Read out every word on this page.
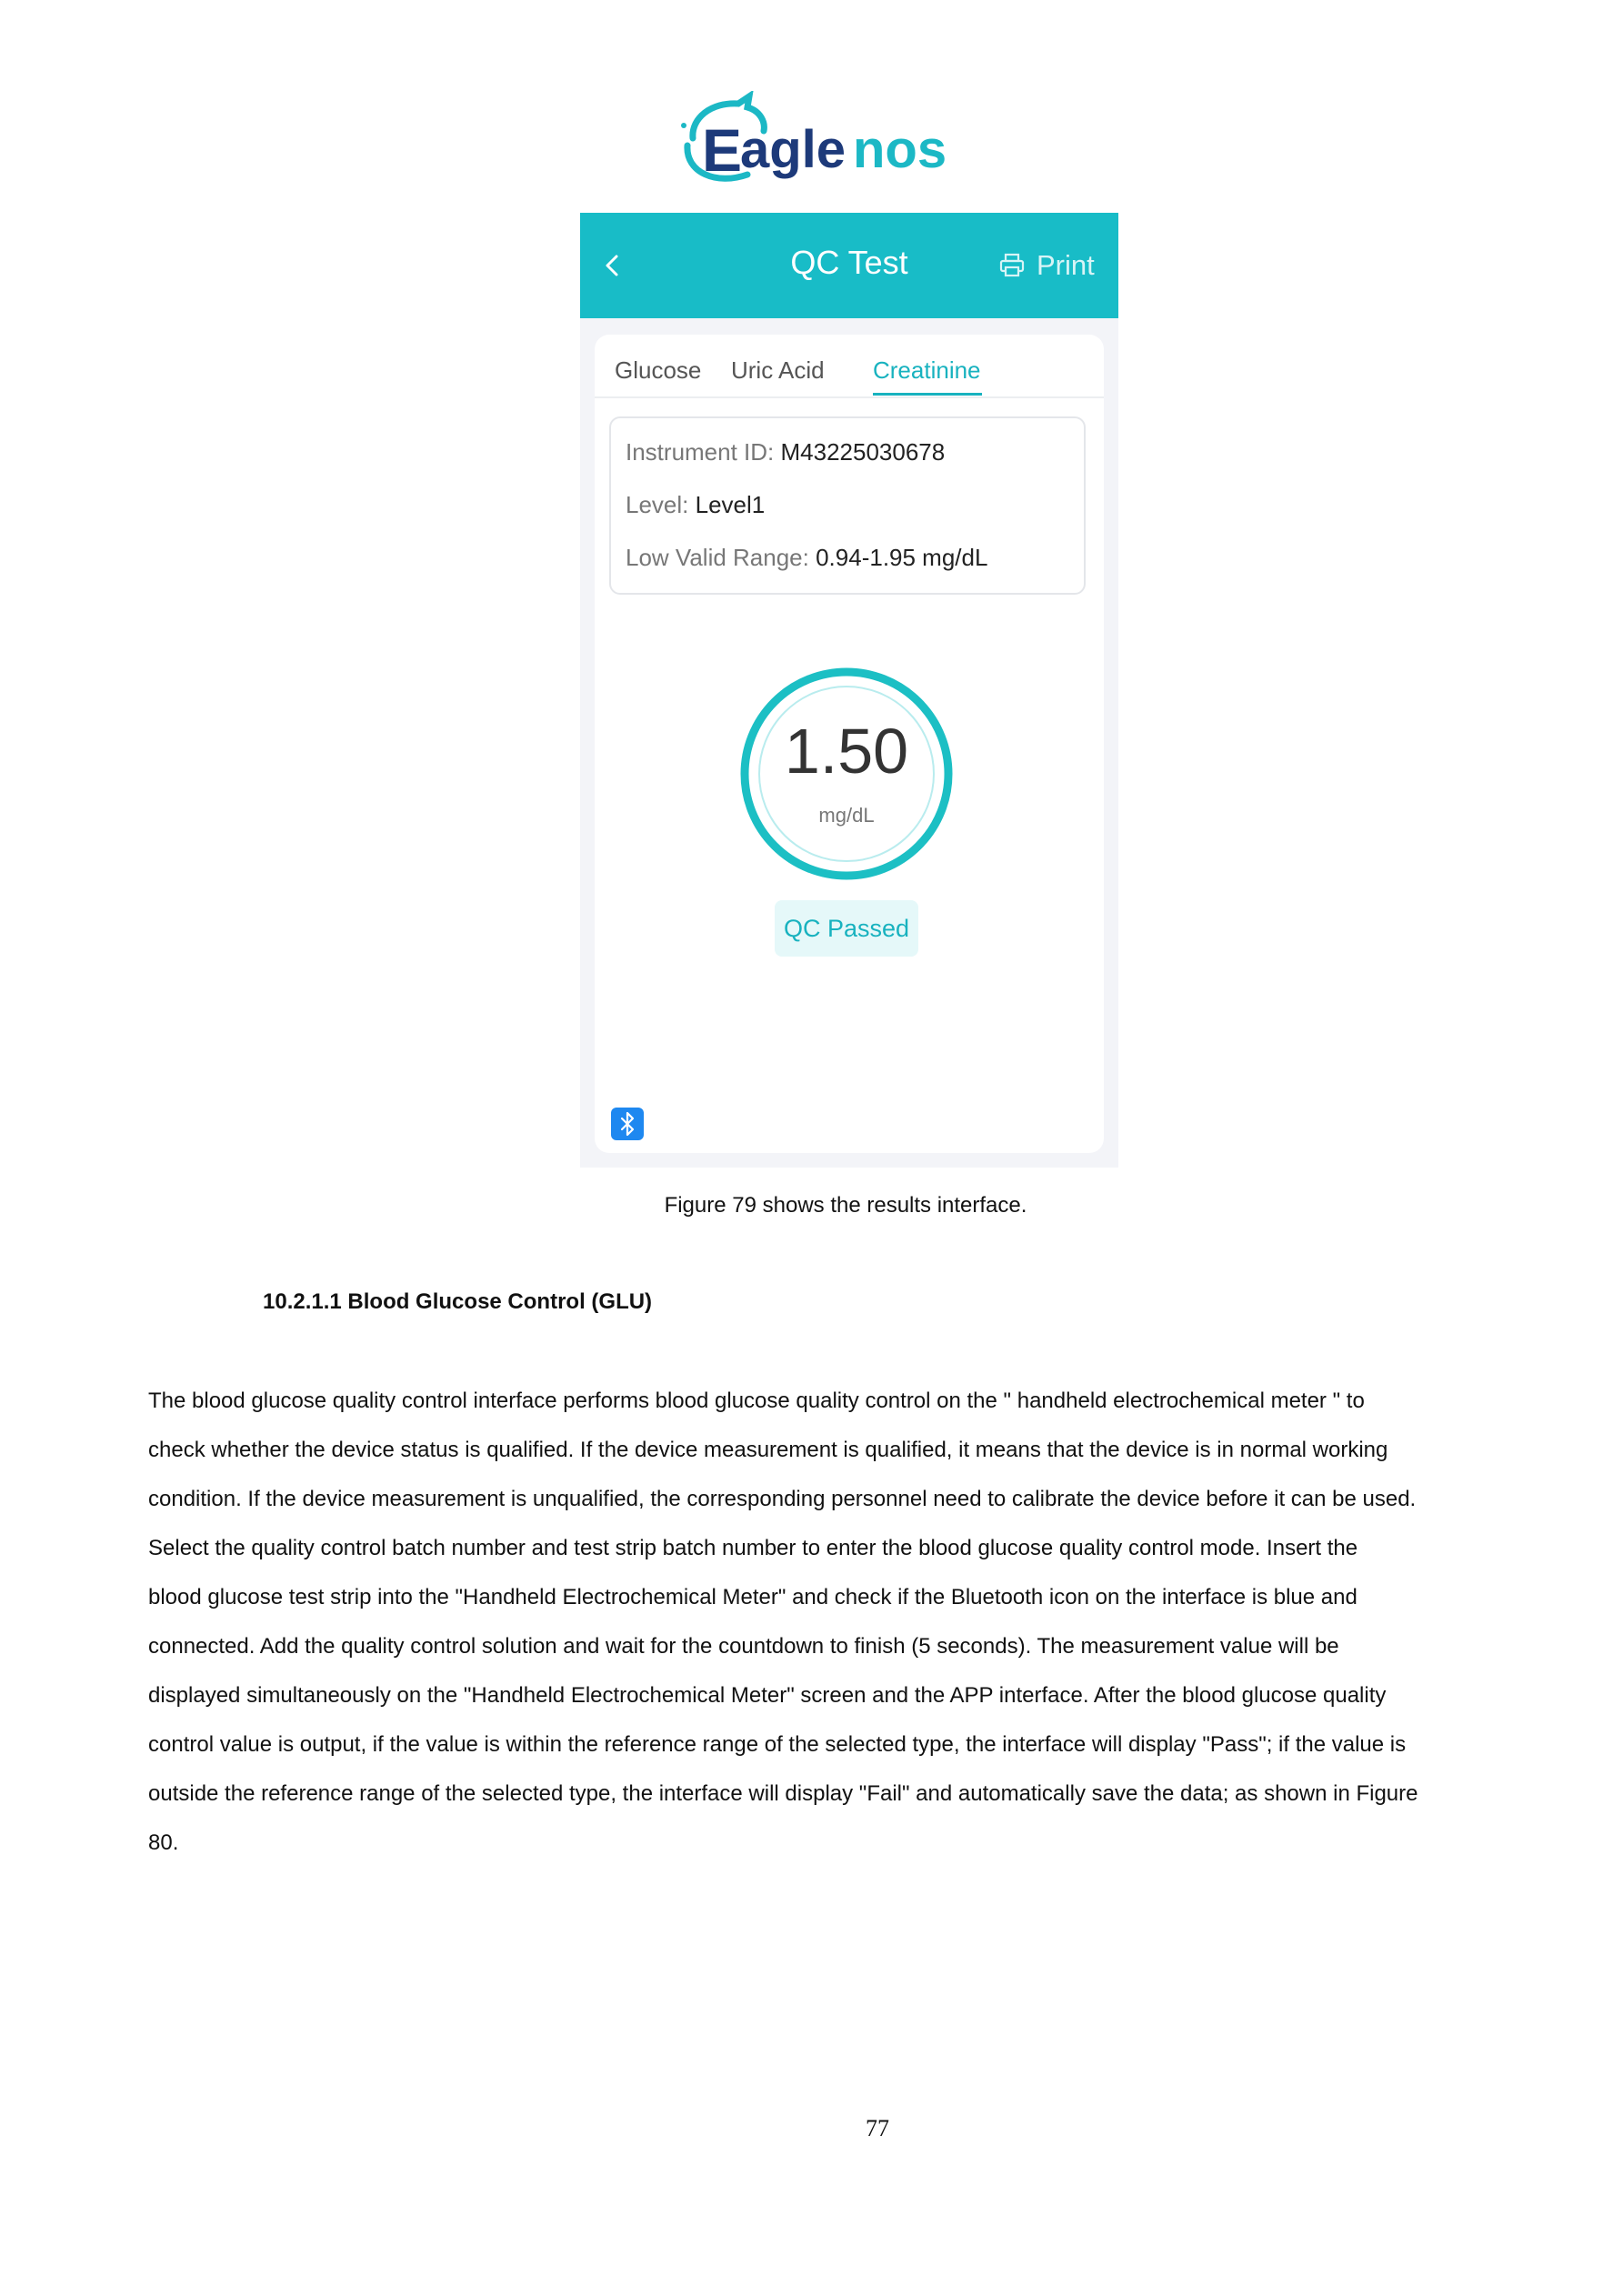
E
agle nos
QC Test	Print
Glucose Uric Acid Creatinine
Instrument ID: M43225030678
Level: Level1
Low Valid Range: 0.94-1.95 mg/dL
1.50
mg/dL
QC Passed
Figure 79 shows the results interface.
10.2.1.1 Blood Glucose Control (GLU)
The blood glucose quality control interface performs blood glucose quality control on the " handheld electrochemical meter " to
check whether the device status is qualified. If the device measurement is qualified, it means that the device is in normal working
condition. If the device measurement is unqualified, the corresponding personnel need to calibrate the device before it can be used.
Select the quality control batch number and test strip batch number to enter the blood glucose quality control mode. Insert the
blood glucose test strip into the "Handheld Electrochemical Meter" and check if the Bluetooth icon on the interface is blue and
connected. Add the quality control solution and wait for the countdown to finish (5 seconds). The measurement value will be
displayed simultaneously on the "Handheld Electrochemical Meter" screen and the APP interface. After the blood glucose quality
control value is output, if the value is within the reference range of the selected type, the interface will display "Pass"; if the value is
outside the reference range of the selected type, the interface will display "Fail" and automatically save the data; as shown in Figure
80.
77
